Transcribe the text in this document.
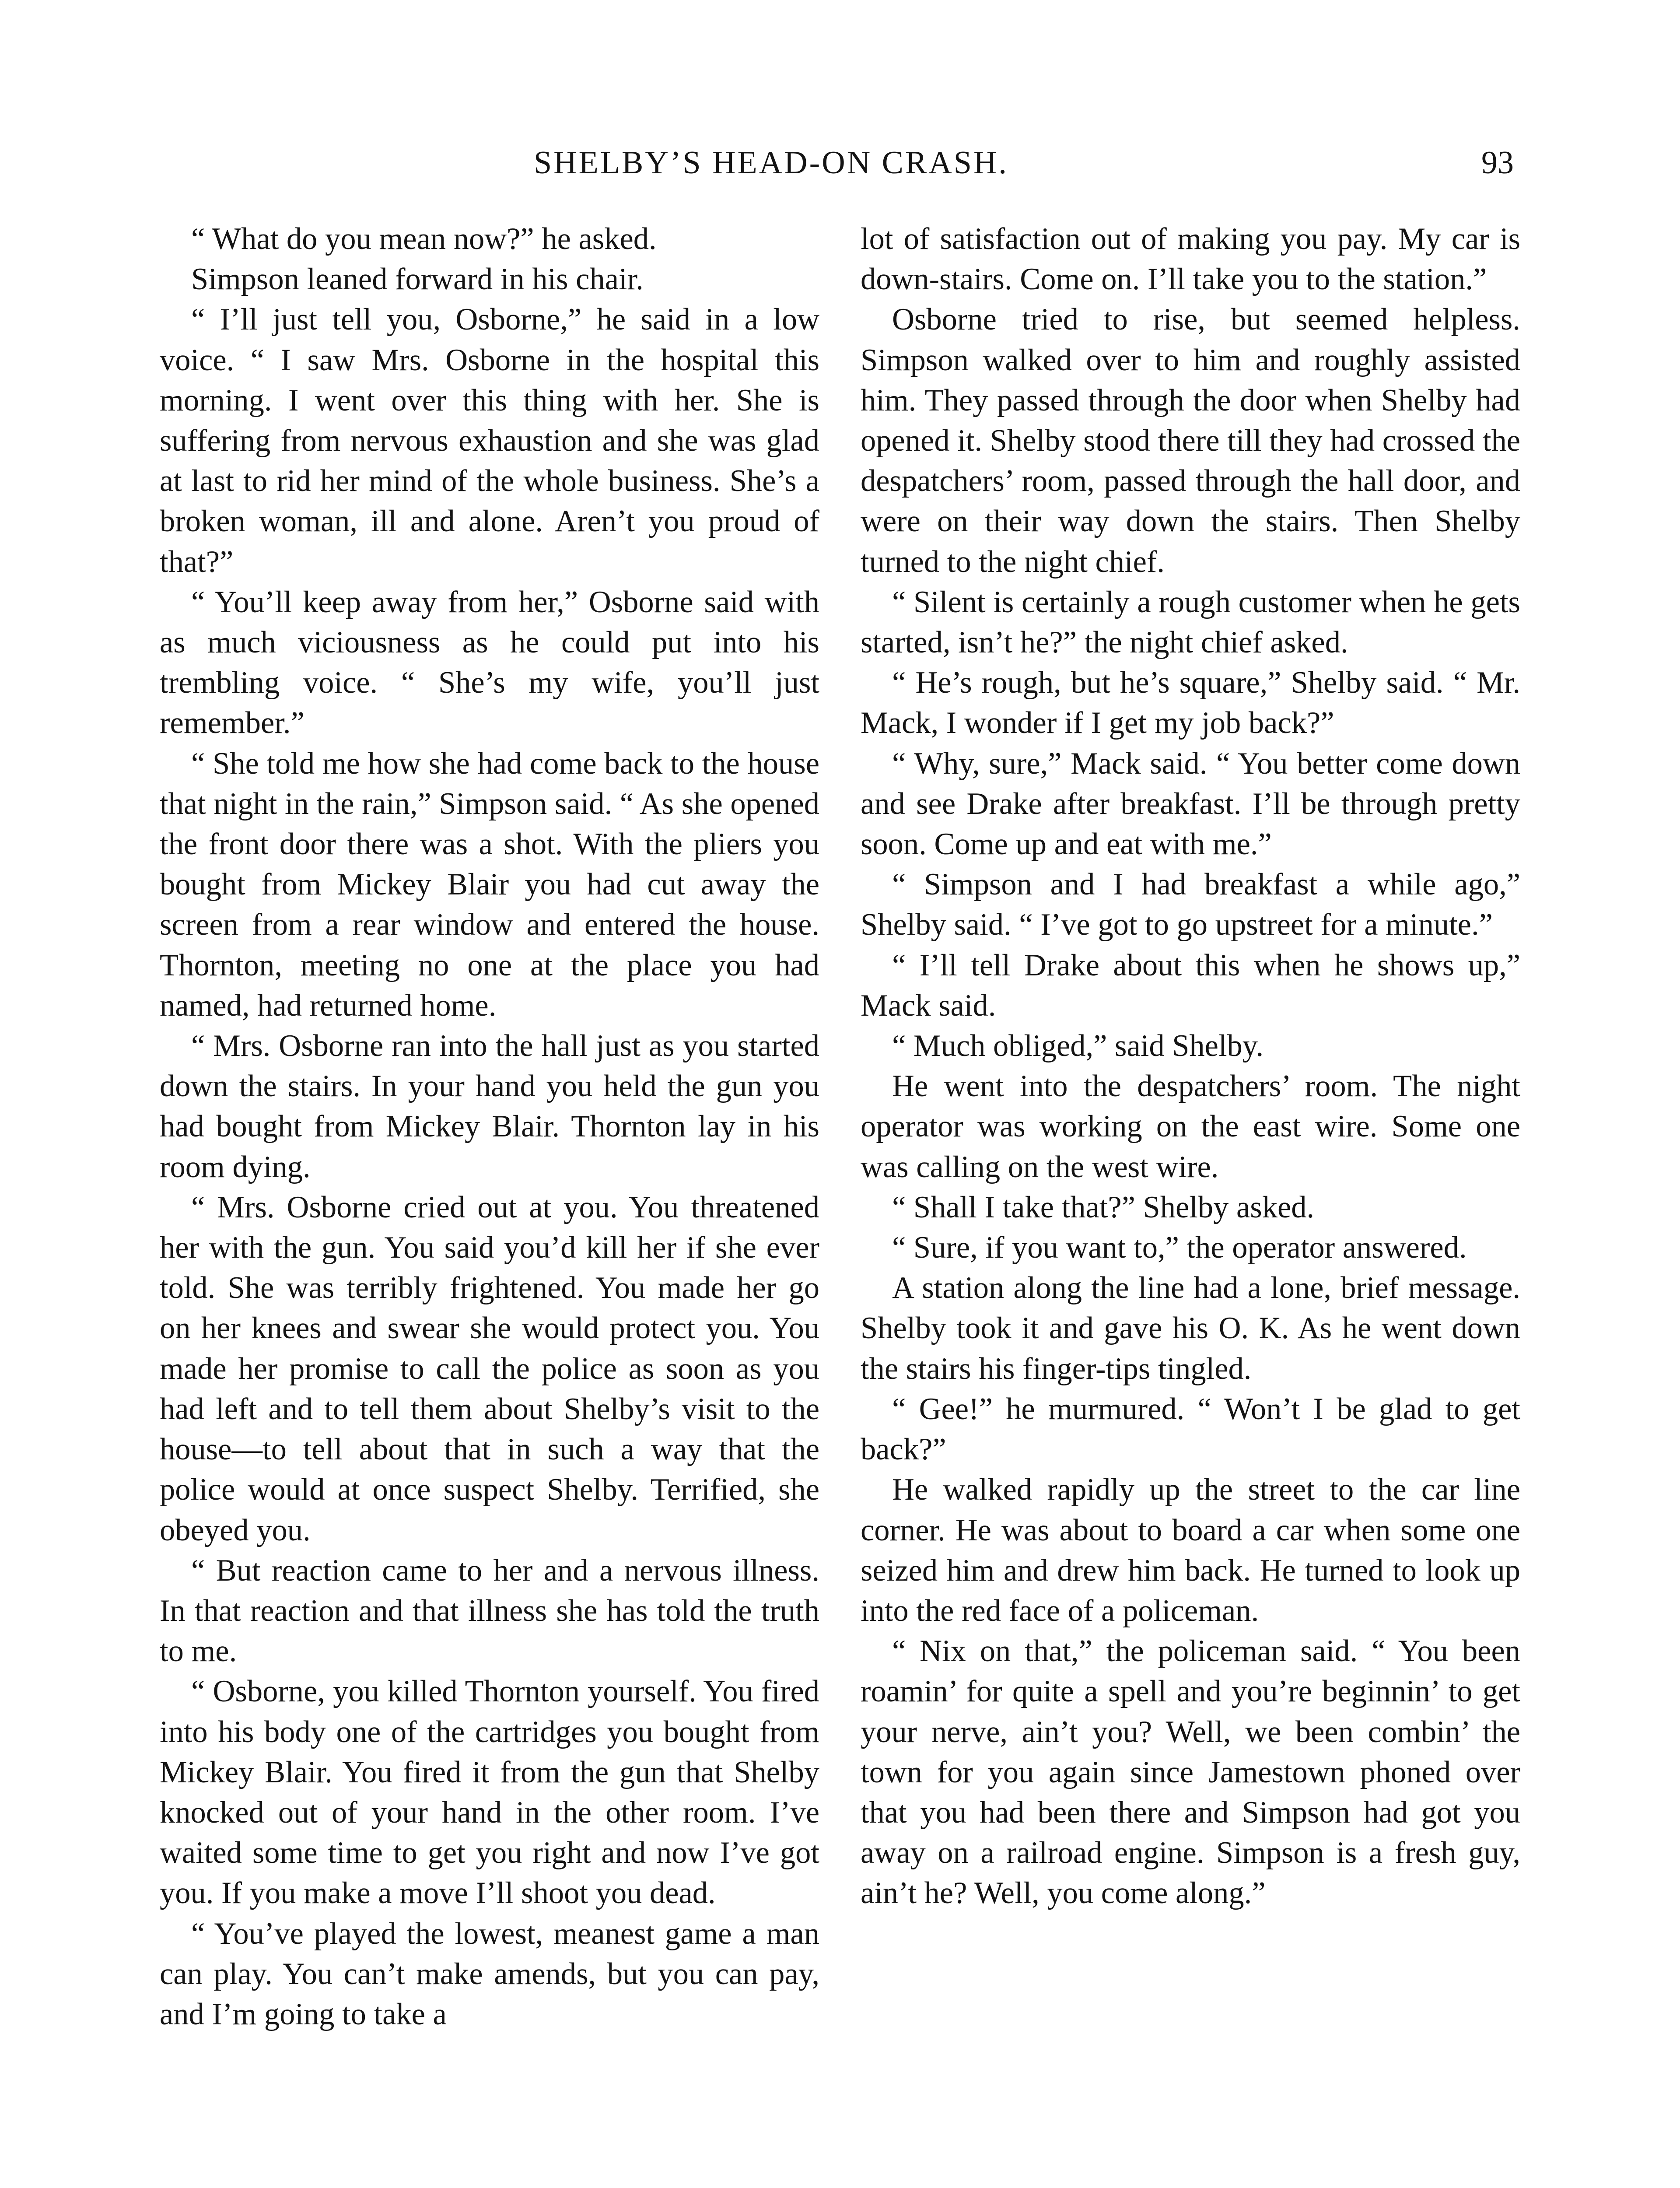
SHELBY’S HEAD-ON CRASH.	93

“ What do you mean now?” he asked.

Simpson leaned forward in his chair.

“ I’ll just tell you, Osborne,” he said in a low voice. “ I saw Mrs. Osborne in the hospital this morning. I went over this thing with her. She is suffering from nervous exhaustion and she was glad at last to rid her mind of the whole business. She’s a broken woman, ill and alone. Aren’t you proud of that?”

“ You’ll keep away from her,” Osborne said with as much viciousness as he could put into his trembling voice. “ She’s my wife, you’ll just remember.”

“ She told me how she had come back to the house that night in the rain,” Simpson said. “ As she opened the front door there was a shot. With the pliers you bought from Mickey Blair you had cut away the screen from a rear window and entered the house. Thornton, meeting no one at the place you had named, had returned home.

“ Mrs. Osborne ran into the hall just as you started down the stairs. In your hand you held the gun you had bought from Mickey Blair. Thornton lay in his room dying.

“ Mrs. Osborne cried out at you. You threatened her with the gun. You said you’d kill her if she ever told. She was terribly frightened. You made her go on her knees and swear she would protect you. You made her promise to call the police as soon as you had left and to tell them about Shelby’s visit to the house—to tell about that in such a way that the police would at once suspect Shelby. Terrified, she obeyed you.

“ But reaction came to her and a nervous illness. In that reaction and that illness she has told the truth to me.

“ Osborne, you killed Thornton yourself. You fired into his body one of the cartridges you bought from Mickey Blair. You fired it from the gun that Shelby knocked out of your hand in the other room. I’ve waited some time to get you right and now I’ve got you. If you make a move I’ll shoot you dead.

“ You’ve played the lowest, meanest game a man can play. You can’t make amends, but you can pay, and I’m going to take a

lot of satisfaction out of making you pay. My car is down-stairs. Come on. I’ll take you to the station.”

Osborne tried to rise, but seemed helpless. Simpson walked over to him and roughly assisted him. They passed through the door when Shelby had opened it. Shelby stood there till they had crossed the despatchers’ room, passed through the hall door, and were on their way down the stairs. Then Shelby turned to the night chief.

“ Silent is certainly a rough customer when he gets started, isn’t he?” the night chief asked.

“ He’s rough, but he’s square,” Shelby said. “ Mr. Mack, I wonder if I get my job back?”

“ Why, sure,” Mack said. “ You better come down and see Drake after breakfast. I’ll be through pretty soon. Come up and eat with me.”

“ Simpson and I had breakfast a while ago,” Shelby said. “ I’ve got to go upstreet for a minute.”

“ I’ll tell Drake about this when he shows up,” Mack said.

“ Much obliged,” said Shelby.

He went into the despatchers’ room. The night operator was working on the east wire. Some one was calling on the west wire.

“ Shall I take that?” Shelby asked.

“ Sure, if you want to,” the operator answered.

A station along the line had a lone, brief message. Shelby took it and gave his O. K. As he went down the stairs his finger-tips tingled.

“ Gee!” he murmured. “ Won’t I be glad to get back?”

He walked rapidly up the street to the car line corner. He was about to board a car when some one seized him and drew him back. He turned to look up into the red face of a policeman.

“ Nix on that,” the policeman said. “ You been roamin’ for quite a spell and you’re beginnin’ to get your nerve, ain’t you? Well, we been combin’ the town for you again since Jamestown phoned over that you had been there and Simpson had got you away on a railroad engine. Simpson is a fresh guy, ain’t he? Well, you come along.”
